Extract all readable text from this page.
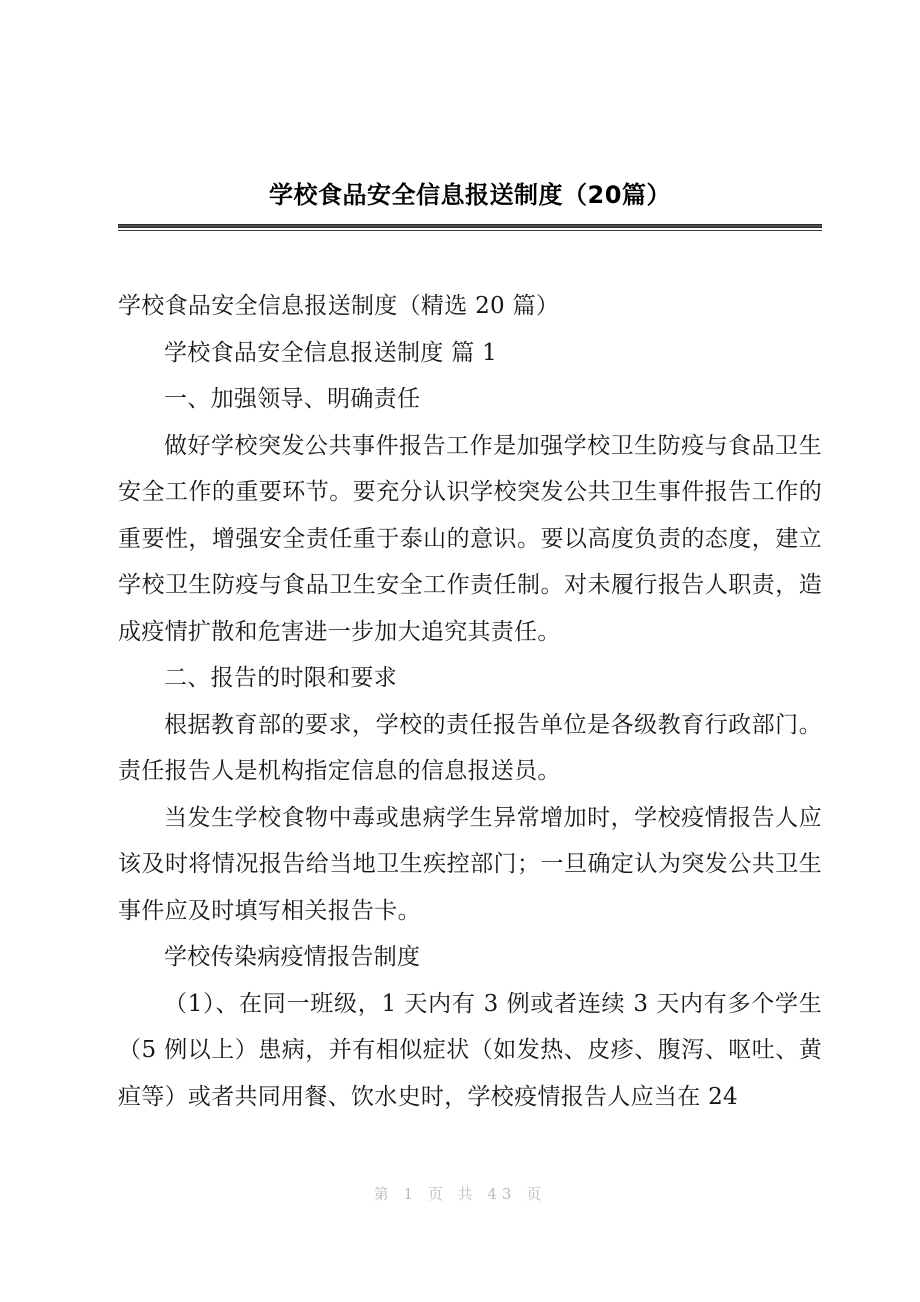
学校食品安全信息报送制度（20篇）

学校食品安全信息报送制度（精选 20 篇）

学校食品安全信息报送制度 篇 1

一、加强领导、明确责任

做好学校突发公共事件报告工作是加强学校卫生防疫与食品卫生安全工作的重要环节。要充分认识学校突发公共卫生事件报告工作的重要性，增强安全责任重于泰山的意识。要以高度负责的态度，建立学校卫生防疫与食品卫生安全工作责任制。对未履行报告人职责，造成疫情扩散和危害进一步加大追究其责任。

二、报告的时限和要求

根据教育部的要求，学校的责任报告单位是各级教育行政部门。责任报告人是机构指定信息的信息报送员。

当发生学校食物中毒或患病学生异常增加时，学校疫情报告人应该及时将情况报告给当地卫生疾控部门；一旦确定认为突发公共卫生事件应及时填写相关报告卡。

学校传染病疫情报告制度

（1）、在同一班级，1 天内有 3 例或者连续 3 天内有多个学生（5 例以上）患病，并有相似症状（如发热、皮疹、腹泻、呕吐、黄疸等）或者共同用餐、饮水史时，学校疫情报告人应当在 24

第 1 页 共 43 页
